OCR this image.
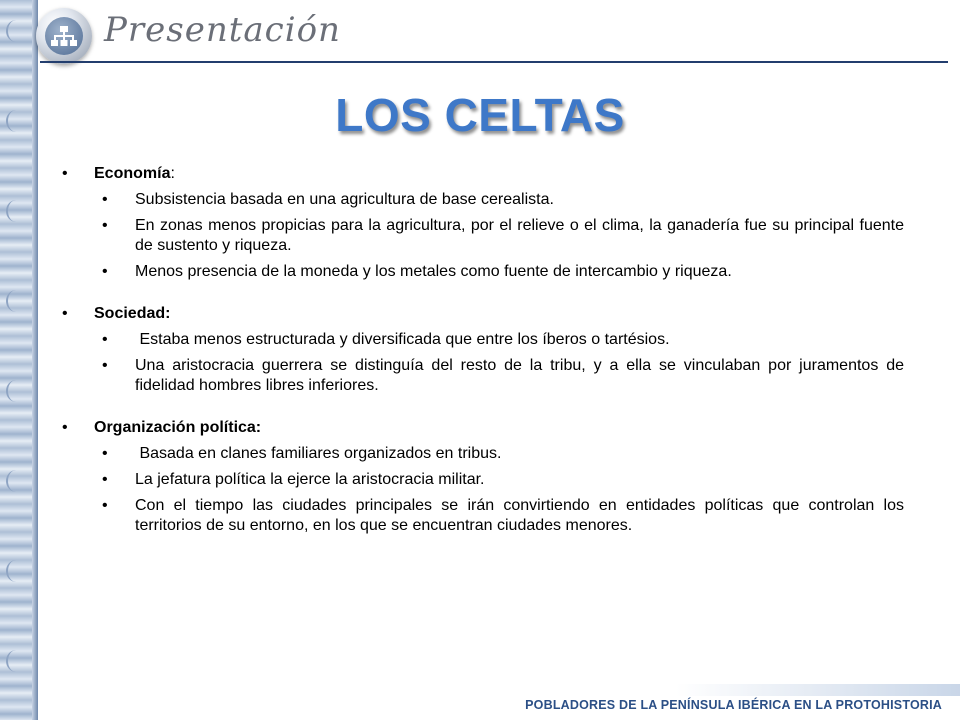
Presentación
LOS CELTAS
•	Economía:
•	Subsistencia basada en una agricultura de base cerealista.
•	En zonas menos propicias para la agricultura, por el relieve o el clima, la ganadería fue su principal fuente de sustento y riqueza.
•	Menos presencia de la moneda y los metales como fuente de intercambio y riqueza.
•	Sociedad:
•	Estaba menos estructurada y diversificada que entre los íberos o tartésios.
•	Una aristocracia guerrera se distinguía del resto de la tribu, y a ella se vinculaban por juramentos de fidelidad hombres libres inferiores.
•	Organización política:
•	Basada en clanes familiares organizados en tribus.
•	La jefatura política la ejerce la aristocracia militar.
•	Con el tiempo las ciudades principales se irán convirtiendo en entidades políticas que controlan los territorios de su entorno, en los que se encuentran ciudades menores.
POBLADORES DE LA PENÍNSULA IBÉRICA EN LA PROTOHISTORIA
